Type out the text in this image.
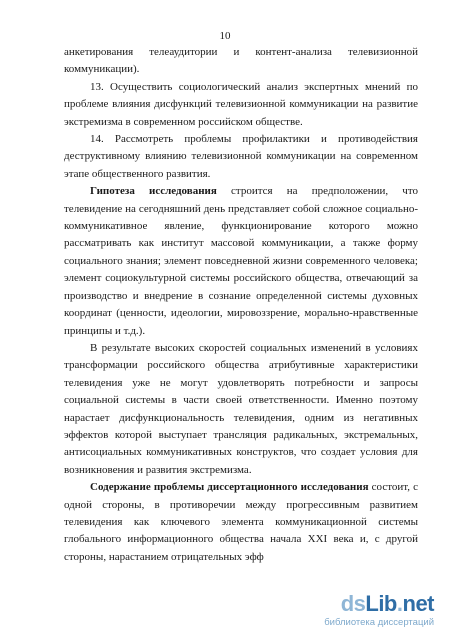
10

анкетирования телеаудитории и контент-анализа телевизионной коммуникации).

13. Осуществить социологический анализ экспертных мнений по проблеме влияния дисфункций телевизионной коммуникации на развитие экстремизма в современном российском обществе.

14. Рассмотреть проблемы профилактики и противодействия деструктивному влиянию телевизионной коммуникации на современном этапе общественного развития.

Гипотеза исследования строится на предположении, что телевидение на сегодняшний день представляет собой сложное социально-коммуникативное явление, функционирование которого можно рассматривать как институт массовой коммуникации, а также форму социального знания; элемент повседневной жизни современного человека; элемент социокультурной системы российского общества, отвечающий за производство и внедрение в сознание определенной системы духовных координат (ценности, идеологии, мировоззрение, морально-нравственные принципы и т.д.).

В результате высоких скоростей социальных изменений в условиях трансформации российского общества атрибутивные характеристики телевидения уже не могут удовлетворять потребности и запросы социальной системы в части своей ответственности. Именно поэтому нарастает дисфункциональность телевидения, одним из негативных эффектов которой выступает трансляция радикальных, экстремальных, антисоциальных коммуникативных конструктов, что создает условия для возникновения и развития экстремизма.

Содержание проблемы диссертационного исследования состоит, с одной стороны, в противоречии между прогрессивным развитием телевидения как ключевого элемента коммуникационной системы глобального информационного общества начала XXI века и, с другой стороны, нарастанием отрицательных эфф

dsLib.net
библиотека диссертаций
